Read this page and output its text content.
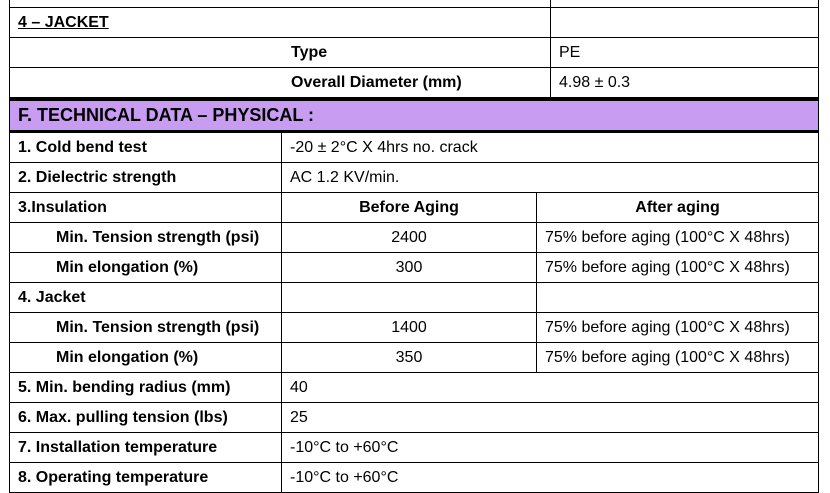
4 – JACKET	
Type	PE
Overall Diameter (mm)	4.98 ± 0.3
F. TECHNICAL DATA – PHYSICAL :		
1. Cold bend test	-20 ± 2°C X 4hrs no. crack	
2. Dielectric strength	AC 1.2 KV/min.	
3.Insulation	Before Aging	After aging
Min. Tension strength (psi)	2400	75% before aging (100°C X 48hrs)
Min elongation (%)	300	75% before aging (100°C X 48hrs)
4. Jacket		
Min. Tension strength (psi)	1400	75% before aging (100°C X 48hrs)
Min elongation (%)	350	75% before aging (100°C X 48hrs)
5. Min. bending radius (mm)	40	
6. Max. pulling tension (lbs)	25	
7. Installation temperature	-10°C to +60°C	
8. Operating temperature	-10°C to +60°C	
